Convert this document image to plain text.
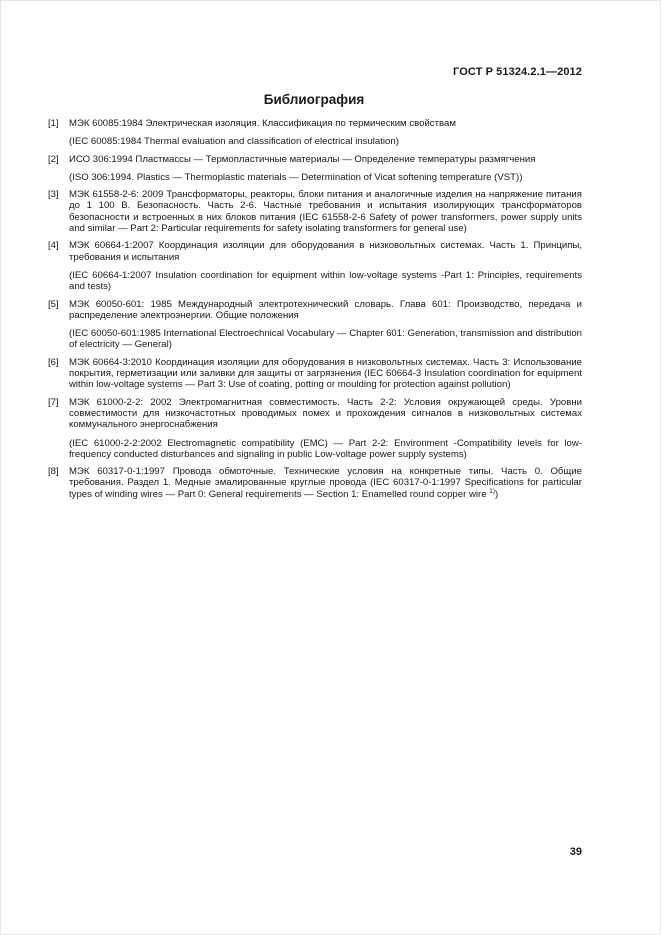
ГОСТ Р 51324.2.1—2012
Библиография
[1]	МЭК 60085:1984 Электрическая изоляция. Классификация по термическим свойствам

(IEC 60085:1984 Thermal evaluation and classification of electrical insulation)

[2]	ИСО 306:1994 Пластмассы — Термопластичные материалы — Определение температуры размягчения

(ISO 306:1994. Plastics — Thermoplastic materials — Determination of Vicat softening temperature (VST))

[3]	МЭК 61558-2-6: 2009 Трансформаторы, реакторы, блоки питания и аналогичные изделия на напряжение питания до 1 100 В. Безопасность. Часть 2-6. Частные требования и испытания изолирующих трансформаторов безопасности и встроенных в них блоков питания (IEC 61558-2-6 Safety of power transformers, power supply units and similar — Part 2: Particular requirements for safety isolating transformers for general use)

[4]	МЭК 60664-1:2007 Координация изоляции для оборудования в низковольтных системах. Часть 1. Принципы, требования и испытания

(IEC 60664-1:2007 Insulation coordination for equipment within low-voltage systems -Part 1: Principles, requirements and tests)

[5]	МЭК 60050-601: 1985 Международный электротехнический словарь. Глава 601: Производство, передача и распределение электроэнергии. Общие положения

(IEC 60050-601:1985 International Electroechnical Vocabulary — Chapter 601: Generation, transmission and distribution of electricity — General)

[6]	МЭК 60664-3:2010 Координация изоляции для оборудования в низковольтных системах. Часть 3: Использование покрытия, герметизации или заливки для защиты от загрязнения (IEC 60664-3 Insulation coordination for equipment within low-voltage systems — Part 3: Use of coating, potting or moulding for protection against pollution)

[7]	МЭК 61000-2-2: 2002 Электромагнитная совместимость. Часть 2-2: Условия окружающей среды. Уровни совместимости для низкочастотных проводимых помех и прохождения сигналов в низковольтных системах коммунального энергоснабжения

(IEC 61000-2-2:2002 Electromagnetic compatibility (EMC) — Part 2-2: Environment -Compatibility levels for low-frequency conducted disturbances and signaling in public Low-voltage power supply systems)

[8]	МЭК 60317-0-1:1997 Провода обмоточные. Технические условия на конкретные типы. Часть 0. Общие требования. Раздел 1. Медные эмалированные круглые провода (IEC 60317-0-1:1997 Specifications for particular types of winding wires — Part 0: General requirements — Section 1: Enamelled round copper wire $^{1)}$)

39
